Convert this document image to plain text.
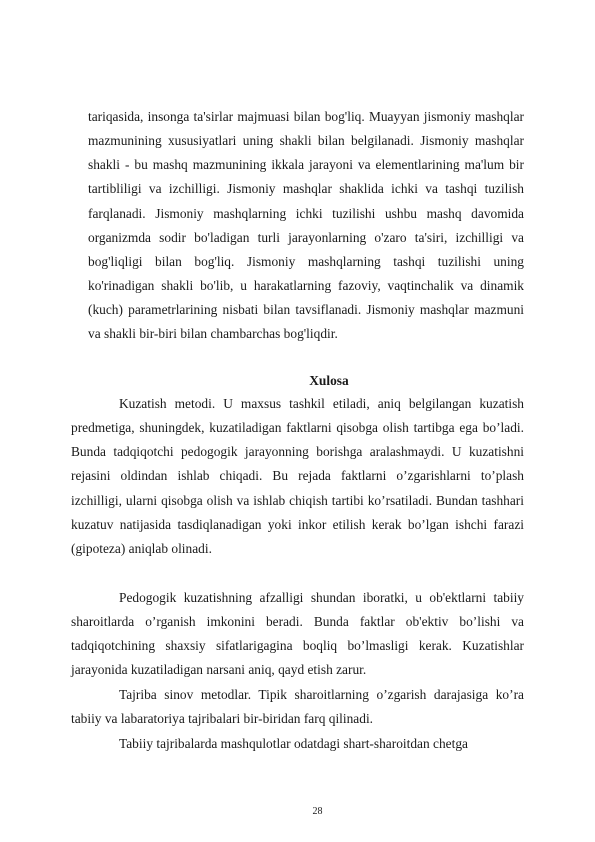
tariqasida, insonga ta'sirlar majmuasi bilan bog'liq. Muayyan jismoniy mashqlar mazmunining xususiyatlari uning shakli bilan belgilanadi. Jismoniy mashqlar shakli - bu mashq mazmunining ikkala jarayoni va elementlarining ma'lum bir tartibliligi va izchilligi. Jismoniy mashqlar shaklida ichki va tashqi tuzilish farqlanadi. Jismoniy mashqlarning ichki tuzilishi ushbu mashq davomida organizmda sodir bo'ladigan turli jarayonlarning o'zaro ta'siri, izchilligi va bog'liqligi bilan bog'liq. Jismoniy mashqlarning tashqi tuzilishi uning ko'rinadigan shakli bo'lib, u harakatlarning fazoviy, vaqtinchalik va dinamik (kuch) parametrlarining nisbati bilan tavsiflanadi. Jismoniy mashqlar mazmuni va shakli bir-biri bilan chambarchas bog'liqdir.

Xulosa

Kuzatish metodi. U maxsus tashkil etiladi, aniq belgilangan kuzatish predmetiga, shuningdek, kuzatiladigan faktlarni qisobga olish tartibga ega bo’ladi. Bunda tadqiqotchi pedogogik jarayonning borishga aralashmaydi. U kuzatishni rejasini oldindan ishlab chiqadi. Bu rejada faktlarni o’zgarishlarni to’plash izchilligi, ularni qisobga olish va ishlab chiqish tartibi ko’rsatiladi. Bundan tashhari kuzatuv natijasida tasdiqlanadigan yoki inkor etilish kerak bo’lgan ishchi farazi (gipoteza) aniqlab olinadi.

Pedogogik kuzatishning afzalligi shundan iboratki, u ob'ektlarni tabiiy sharoitlarda o’rganish imkonini beradi. Bunda faktlar ob'ektiv bo’lishi va tadqiqotchining shaxsiy sifatlarigagina boqliq bo’lmasligi kerak. Kuzatishlar jarayonida kuzatiladigan narsani aniq, qayd etish zarur.

Tajriba sinov metodlar. Tipik sharoitlarning o’zgarish darajasiga ko’ra tabiiy va labaratoriya tajribalari bir-biridan farq qilinadi.

Tabiiy tajribalarda mashqulotlar odatdagi shart-sharoitdan chetga

28
